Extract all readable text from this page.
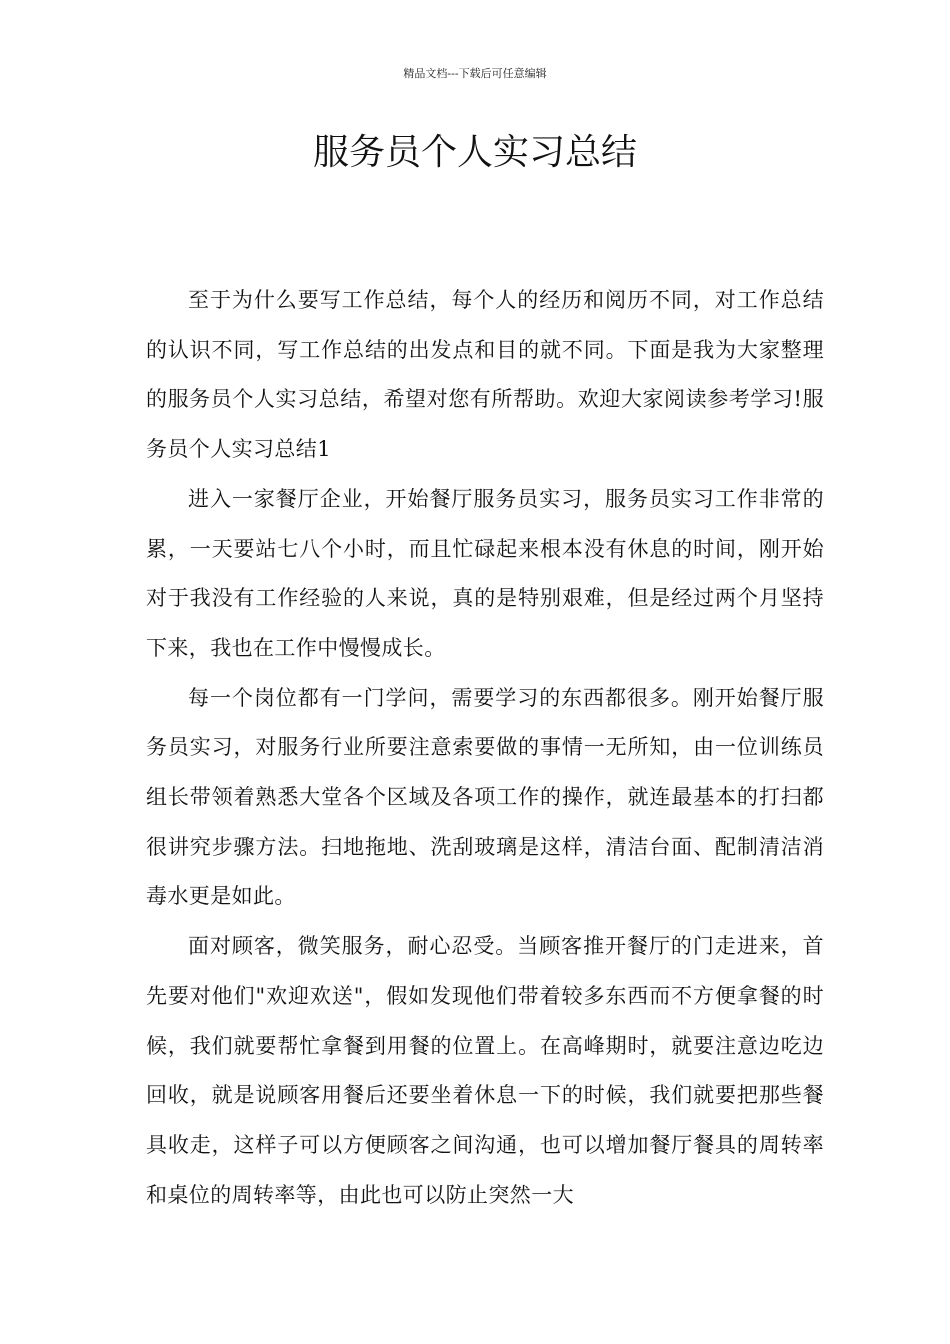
精品文档---下载后可任意编辑
服务员个人实习总结

至于为什么要写工作总结，每个人的经历和阅历不同，对工作总结的认识不同，写工作总结的出发点和目的就不同。下面是我为大家整理的服务员个人实习总结，希望对您有所帮助。欢迎大家阅读参考学习!服务员个人实习总结1

进入一家餐厅企业，开始餐厅服务员实习，服务员实习工作非常的累，一天要站七八个小时，而且忙碌起来根本没有休息的时间，刚开始对于我没有工作经验的人来说，真的是特别艰难，但是经过两个月坚持下来，我也在工作中慢慢成长。

每一个岗位都有一门学问，需要学习的东西都很多。刚开始餐厅服务员实习，对服务行业所要注意索要做的事情一无所知，由一位训练员组长带领着熟悉大堂各个区域及各项工作的操作，就连最基本的打扫都很讲究步骤方法。扫地拖地、洗刮玻璃是这样，清洁台面、配制清洁消毒水更是如此。

面对顾客，微笑服务，耐心忍受。当顾客推开餐厅的门走进来，首先要对他们"欢迎欢送"，假如发现他们带着较多东西而不方便拿餐的时候，我们就要帮忙拿餐到用餐的位置上。在高峰期时，就要注意边吃边回收，就是说顾客用餐后还要坐着休息一下的时候，我们就要把那些餐具收走，这样子可以方便顾客之间沟通，也可以增加餐厅餐具的周转率和桌位的周转率等，由此也可以防止突然一大
